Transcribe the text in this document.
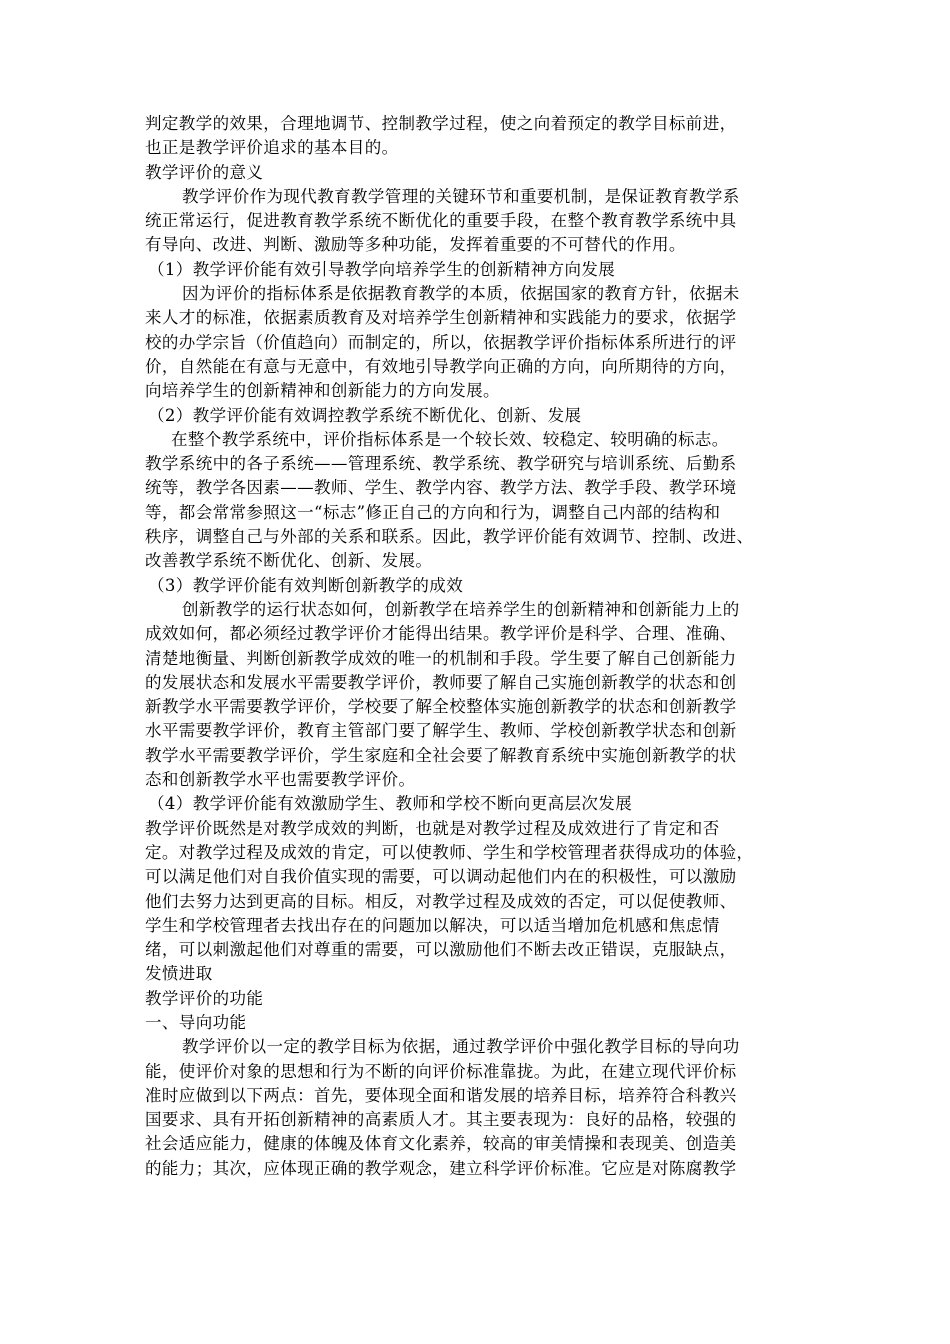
判定教学的效果，合理地调节、控制教学过程，使之向着预定的教学目标前进，
也正是教学评价追求的基本目的。
教学评价的意义
教学评价作为现代教育教学管理的关键环节和重要机制，是保证教育教学系
统正常运行，促进教育教学系统不断优化的重要手段，在整个教育教学系统中具
有导向、改进、判断、激励等多种功能，发挥着重要的不可替代的作用。
（1）教学评价能有效引导教学向培养学生的创新精神方向发展
因为评价的指标体系是依据教育教学的本质，依据国家的教育方针，依据未
来人才的标准，依据素质教育及对培养学生创新精神和实践能力的要求，依据学
校的办学宗旨（价值趋向）而制定的，所以，依据教学评价指标体系所进行的评
价，自然能在有意与无意中，有效地引导教学向正确的方向，向所期待的方向，
向培养学生的创新精神和创新能力的方向发展。
（2）教学评价能有效调控教学系统不断优化、创新、发展
在整个教学系统中，评价指标体系是一个较长效、较稳定、较明确的标志。
教学系统中的各子系统——管理系统、教学系统、教学研究与培训系统、后勤系
统等，教学各因素——教师、学生、教学内容、教学方法、教学手段、教学环境
等，都会常常参照这一“标志”修正自己的方向和行为，调整自己内部的结构和
秩序，调整自己与外部的关系和联系。因此，教学评价能有效调节、控制、改进、
改善教学系统不断优化、创新、发展。
（3）教学评价能有效判断创新教学的成效
创新教学的运行状态如何，创新教学在培养学生的创新精神和创新能力上的
成效如何，都必须经过教学评价才能得出结果。教学评价是科学、合理、准确、
清楚地衡量、判断创新教学成效的唯一的机制和手段。学生要了解自己创新能力
的发展状态和发展水平需要教学评价，教师要了解自己实施创新教学的状态和创
新教学水平需要教学评价，学校要了解全校整体实施创新教学的状态和创新教学
水平需要教学评价，教育主管部门要了解学生、教师、学校创新教学状态和创新
教学水平需要教学评价，学生家庭和全社会要了解教育系统中实施创新教学的状
态和创新教学水平也需要教学评价。
（4）教学评价能有效激励学生、教师和学校不断向更高层次发展
教学评价既然是对教学成效的判断，也就是对教学过程及成效进行了肯定和否
定。对教学过程及成效的肯定，可以使教师、学生和学校管理者获得成功的体验，
可以满足他们对自我价值实现的需要，可以调动起他们内在的积极性，可以激励
他们去努力达到更高的目标。相反，对教学过程及成效的否定，可以促使教师、
学生和学校管理者去找出存在的问题加以解决，可以适当增加危机感和焦虑情
绪，可以刺激起他们对尊重的需要，可以激励他们不断去改正错误，克服缺点，
发愤进取
教学评价的功能
一、导向功能
教学评价以一定的教学目标为依据，通过教学评价中强化教学目标的导向功
能，使评价对象的思想和行为不断的向评价标准靠拢。为此，在建立现代评价标
准时应做到以下两点：首先，要体现全面和谐发展的培养目标，培养符合科教兴
国要求、具有开拓创新精神的高素质人才。其主要表现为：良好的品格，较强的
社会适应能力，健康的体魄及体育文化素养，较高的审美情操和表现美、创造美
的能力；其次，应体现正确的教学观念，建立科学评价标准。它应是对陈腐教学
